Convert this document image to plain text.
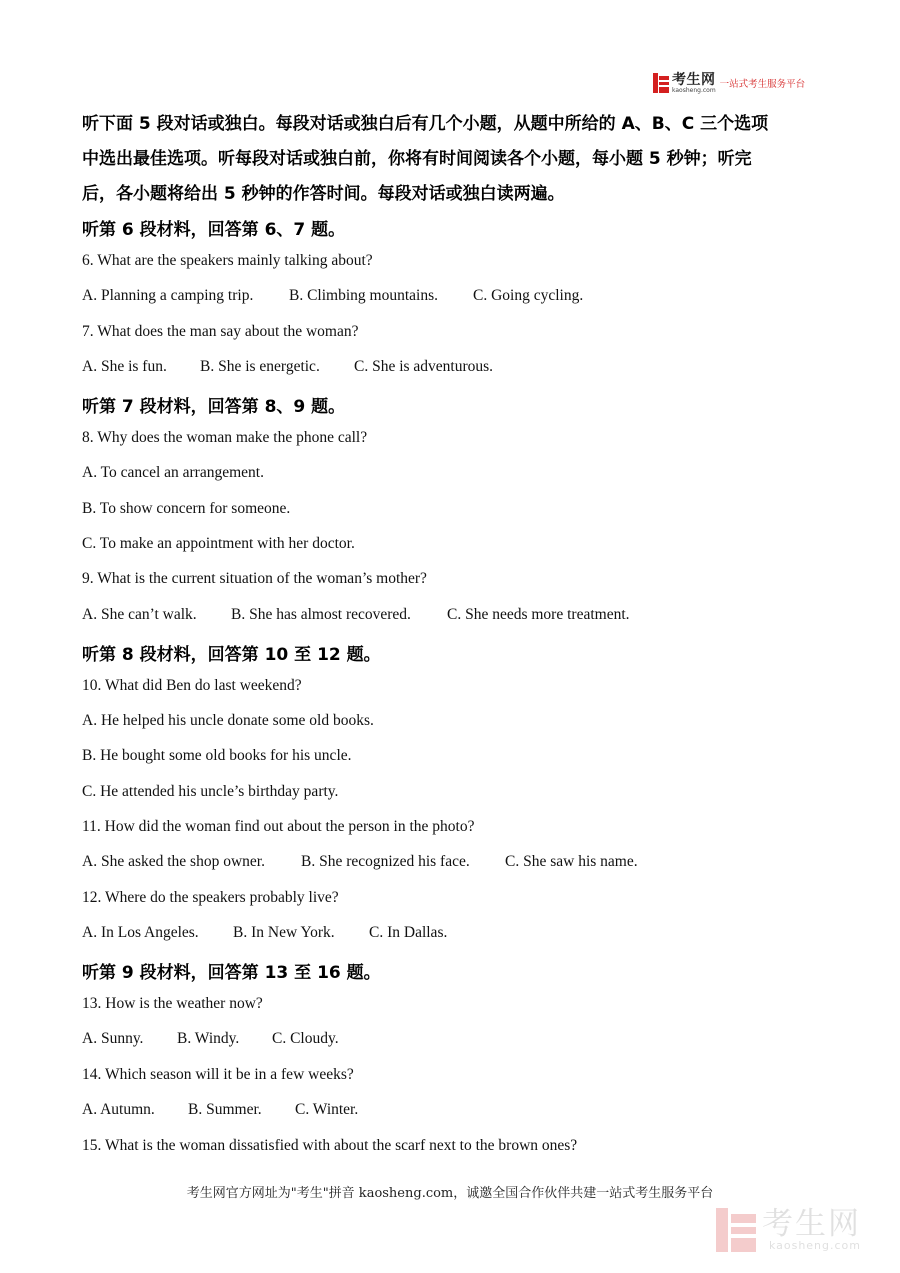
考生网
kaosheng.com 一站式考生服务平台
听下面 5 段对话或独白。每段对话或独白后有几个小题，从题中所给的 A、B、C 三个选项
中选出最佳选项。听每段对话或独白前，你将有时间阅读各个小题，每小题 5 秒钟；听完
后，各小题将给出 5 秒钟的作答时间。每段对话或独白读两遍。
听第 6 段材料，回答第 6、7 题。
6. What are the speakers mainly talking about?
A. Planning a camping trip. B. Climbing mountains. C. Going cycling.
7. What does the man say about the woman?
A. She is fun. B. She is energetic. C. She is adventurous.
听第 7 段材料，回答第 8、9 题。
8. Why does the woman make the phone call?
A. To cancel an arrangement.
B. To show concern for someone.
C. To make an appointment with her doctor.
9. What is the current situation of the woman’s mother?
A. She can’t walk. B. She has almost recovered. C. She needs more treatment.
听第 8 段材料，回答第 10 至 12 题。
10. What did Ben do last weekend?
A. He helped his uncle donate some old books.
B. He bought some old books for his uncle.
C. He attended his uncle’s birthday party.
11. How did the woman find out about the person in the photo?
A. She asked the shop owner. B. She recognized his face. C. She saw his name.
12. Where do the speakers probably live?
A. In Los Angeles. B. In New York. C. In Dallas.
听第 9 段材料，回答第 13 至 16 题。
13. How is the weather now?
A. Sunny. B. Windy. C. Cloudy.
14. Which season will it be in a few weeks?
A. Autumn. B. Summer. C. Winter.
15. What is the woman dissatisfied with about the scarf next to the brown ones?
考生网官方网址为"考生"拼音 kaosheng.com，诚邀全国合作伙伴共建一站式考生服务平台
考生网
kaosheng.com
